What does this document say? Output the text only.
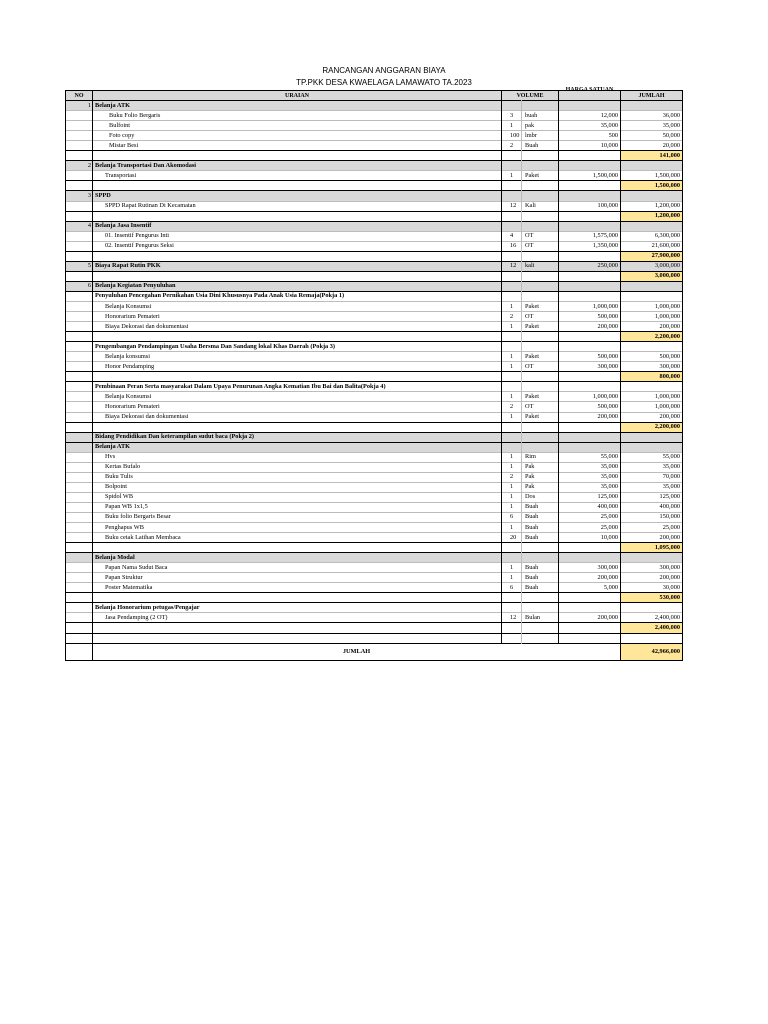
RANCANGAN ANGGARAN BIAYA
TP.PKK DESA KWAELAGA LAMAWATO TA.2023
NO	URAIAN	VOLUME		HARGA SATUAN	JUMLAH
1	Belanja ATK				
	Buku Folio Bergaris	3	buah	12,000	36,000
	Bulfoint	1	pak	35,000	35,000
	Foto copy	100	lmbr	500	50,000
	Mistar Besi	2	Buah	10,000	20,000
					141,000
2	Belanja Transportasi Dan Akomodasi				
	Transportasi	1	Paket	1,500,000	1,500,000
					1,500,000
3	SPPD				
	SPPD Rapat Rutinan Di Kecamatan	12	Kali	100,000	1,200,000
					1,200,000
4	Belanja Jasa Insentif				
	01. Insentif Pengurus Inti	4	OT	1,575,000	6,300,000
	02. Insentif Pengurus Seksi	16	OT	1,350,000	21,600,000
					27,900,000
5	Biaya Rapat Rutin PKK	12	kali	250,000	3,000,000
					3,000,000
6	Belanja Kegiatan Penyuluhan				
	Penyuluhan Pencegahan Pernikahan Usia Dini Khususnya Pada Anak Usia Remaja(Pokja 1)				
	Belanja Konsumsi	1	Paket	1,000,000	1,000,000
	Honorarium Pemateri	2	OT	500,000	1,000,000
	Biaya Dekorasi dan dokumentasi	1	Paket	200,000	200,000
					2,200,000
	Pengembangan Pendampingan Usaha Bersma Dan Sandang lokal Khas Daerah (Pokja 3)				
	Belanja konsumsi	1	Paket	500,000	500,000
	Honor Pendamping	1	OT	300,000	300,000
					800,000
	Pembinaan Peran Serta masyarakat Dalam Upaya Penurunan Angka Kematian Ibu Bai dan Balita(Pokja 4)				
	Belanja Konsumsi	1	Paket	1,000,000	1,000,000
	Honorarium Pemateri	2	OT	500,000	1,000,000
	Biaya Dekorasi dan dokumentasi	1	Paket	200,000	200,000
					2,200,000
	Bidang Pendidikan Dan keterampilan sudut baca (Pokja 2)				
	Belanja ATK				
	Hvs	1	Rim	55,000	55,000
	Kertas Bufalo	1	Pak	35,000	35,000
	Buku Tulis	2	Pak	35,000	70,000
	Bolpoint	1	Pak	35,000	35,000
	Spidol WB	1	Dos	125,000	125,000
	Papan WB 1x1,5	1	Buah	400,000	400,000
	Buku folio Bergaris Besar	6	Buah	25,000	150,000
	Penghapus WB	1	Buah	25,000	25,000
	Buku cetak Latihan Membaca	20	Buah	10,000	200,000
					1,095,000
	Belanja Modal				
	Papan Nama Sudut Baca	1	Buah	300,000	300,000
	Papan Struktur	1	Buah	200,000	200,000
	Poster Matematika	6	Buah	5,000	30,000
					530,000
	Belanja Honorarium petugas/Pengajar				
	Jasa Pendamping (2 OT)	12	Bulan	200,000	2,400,000
					2,400,000

	JUMLAH				42,966,000
